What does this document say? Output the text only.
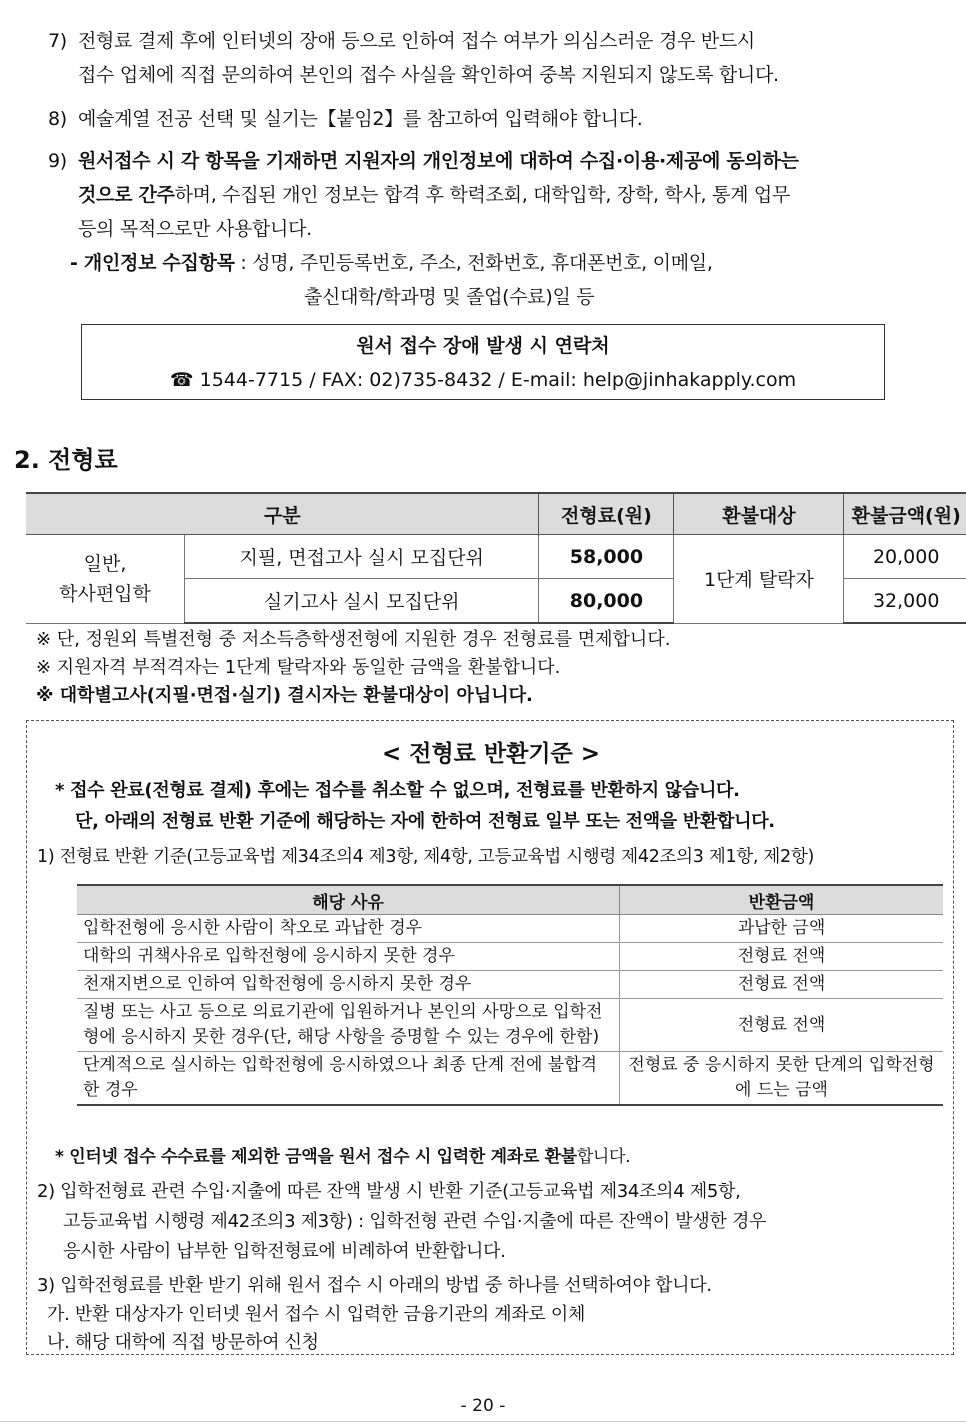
7) 전형료 결제 후에 인터넷의 장애 등으로 인하여 접수 여부가 의심스러운 경우 반드시
접수 업체에 직접 문의하여 본인의 접수 사실을 확인하여 중복 지원되지 않도록 합니다.
8) 예술계열 전공 선택 및 실기는【붙임2】를 참고하여 입력해야 합니다.
9) 원서접수 시 각 항목을 기재하면 지원자의 개인정보에 대하여 수집·이용·제공에 동의하는
것으로 간주하며, 수집된 개인 정보는 합격 후 학력조회, 대학입학, 장학, 학사, 통계 업무
등의 목적으로만 사용합니다.
- 개인정보 수집항목 : 성명, 주민등록번호, 주소, 전화번호, 휴대폰번호, 이메일,
출신대학/학과명 및 졸업(수료)일 등
원서 접수 장애 발생 시 연락처
☎ 1544-7715 / FAX: 02)735-8432 / E-mail: help@jinhakapply.com
2. 전형료
구분		전형료(원)	환불대상	환불금액(원)
일반,
학사편입학	지필, 면접고사 실시 모집단위	58,000	1단계 탈락자	20,000
	실기고사 실시 모집단위	80,000		32,000
※ 단, 정원외 특별전형 중 저소득층학생전형에 지원한 경우 전형료를 면제합니다.
※ 지원자격 부적격자는 1단계 탈락자와 동일한 금액을 환불합니다.
※ 대학별고사(지필·면접·실기) 결시자는 환불대상이 아닙니다.
< 전형료 반환기준 >
* 접수 완료(전형료 결제) 후에는 접수를 취소할 수 없으며, 전형료를 반환하지 않습니다.
단, 아래의 전형료 반환 기준에 해당하는 자에 한하여 전형료 일부 또는 전액을 반환합니다.
1) 전형료 반환 기준(고등교육법 제34조의4 제3항, 제4항, 고등교육법 시행령 제42조의3 제1항, 제2항)
해당 사유	반환금액
입학전형에 응시한 사람이 착오로 과납한 경우	과납한 금액
대학의 귀책사유로 입학전형에 응시하지 못한 경우	전형료 전액
천재지변으로 인하여 입학전형에 응시하지 못한 경우	전형료 전액
질병 또는 사고 등으로 의료기관에 입원하거나 본인의 사망으로 입학전형에 응시하지 못한 경우(단, 해당 사항을 증명할 수 있는 경우에 한함)	전형료 전액
단계적으로 실시하는 입학전형에 응시하였으나 최종 단계 전에 불합격한 경우	전형료 중 응시하지 못한 단계의 입학전형에 드는 금액
* 인터넷 접수 수수료를 제외한 금액을 원서 접수 시 입력한 계좌로 환불합니다.
2) 입학전형료 관련 수입·지출에 따른 잔액 발생 시 반환 기준(고등교육법 제34조의4 제5항,
고등교육법 시행령 제42조의3 제3항) : 입학전형 관련 수입·지출에 따른 잔액이 발생한 경우
응시한 사람이 납부한 입학전형료에 비례하여 반환합니다.
3) 입학전형료를 반환 받기 위해 원서 접수 시 아래의 방법 중 하나를 선택하여야 합니다.
가. 반환 대상자가 인터넷 원서 접수 시 입력한 금융기관의 계좌로 이체
나. 해당 대학에 직접 방문하여 신청
- 20 -
